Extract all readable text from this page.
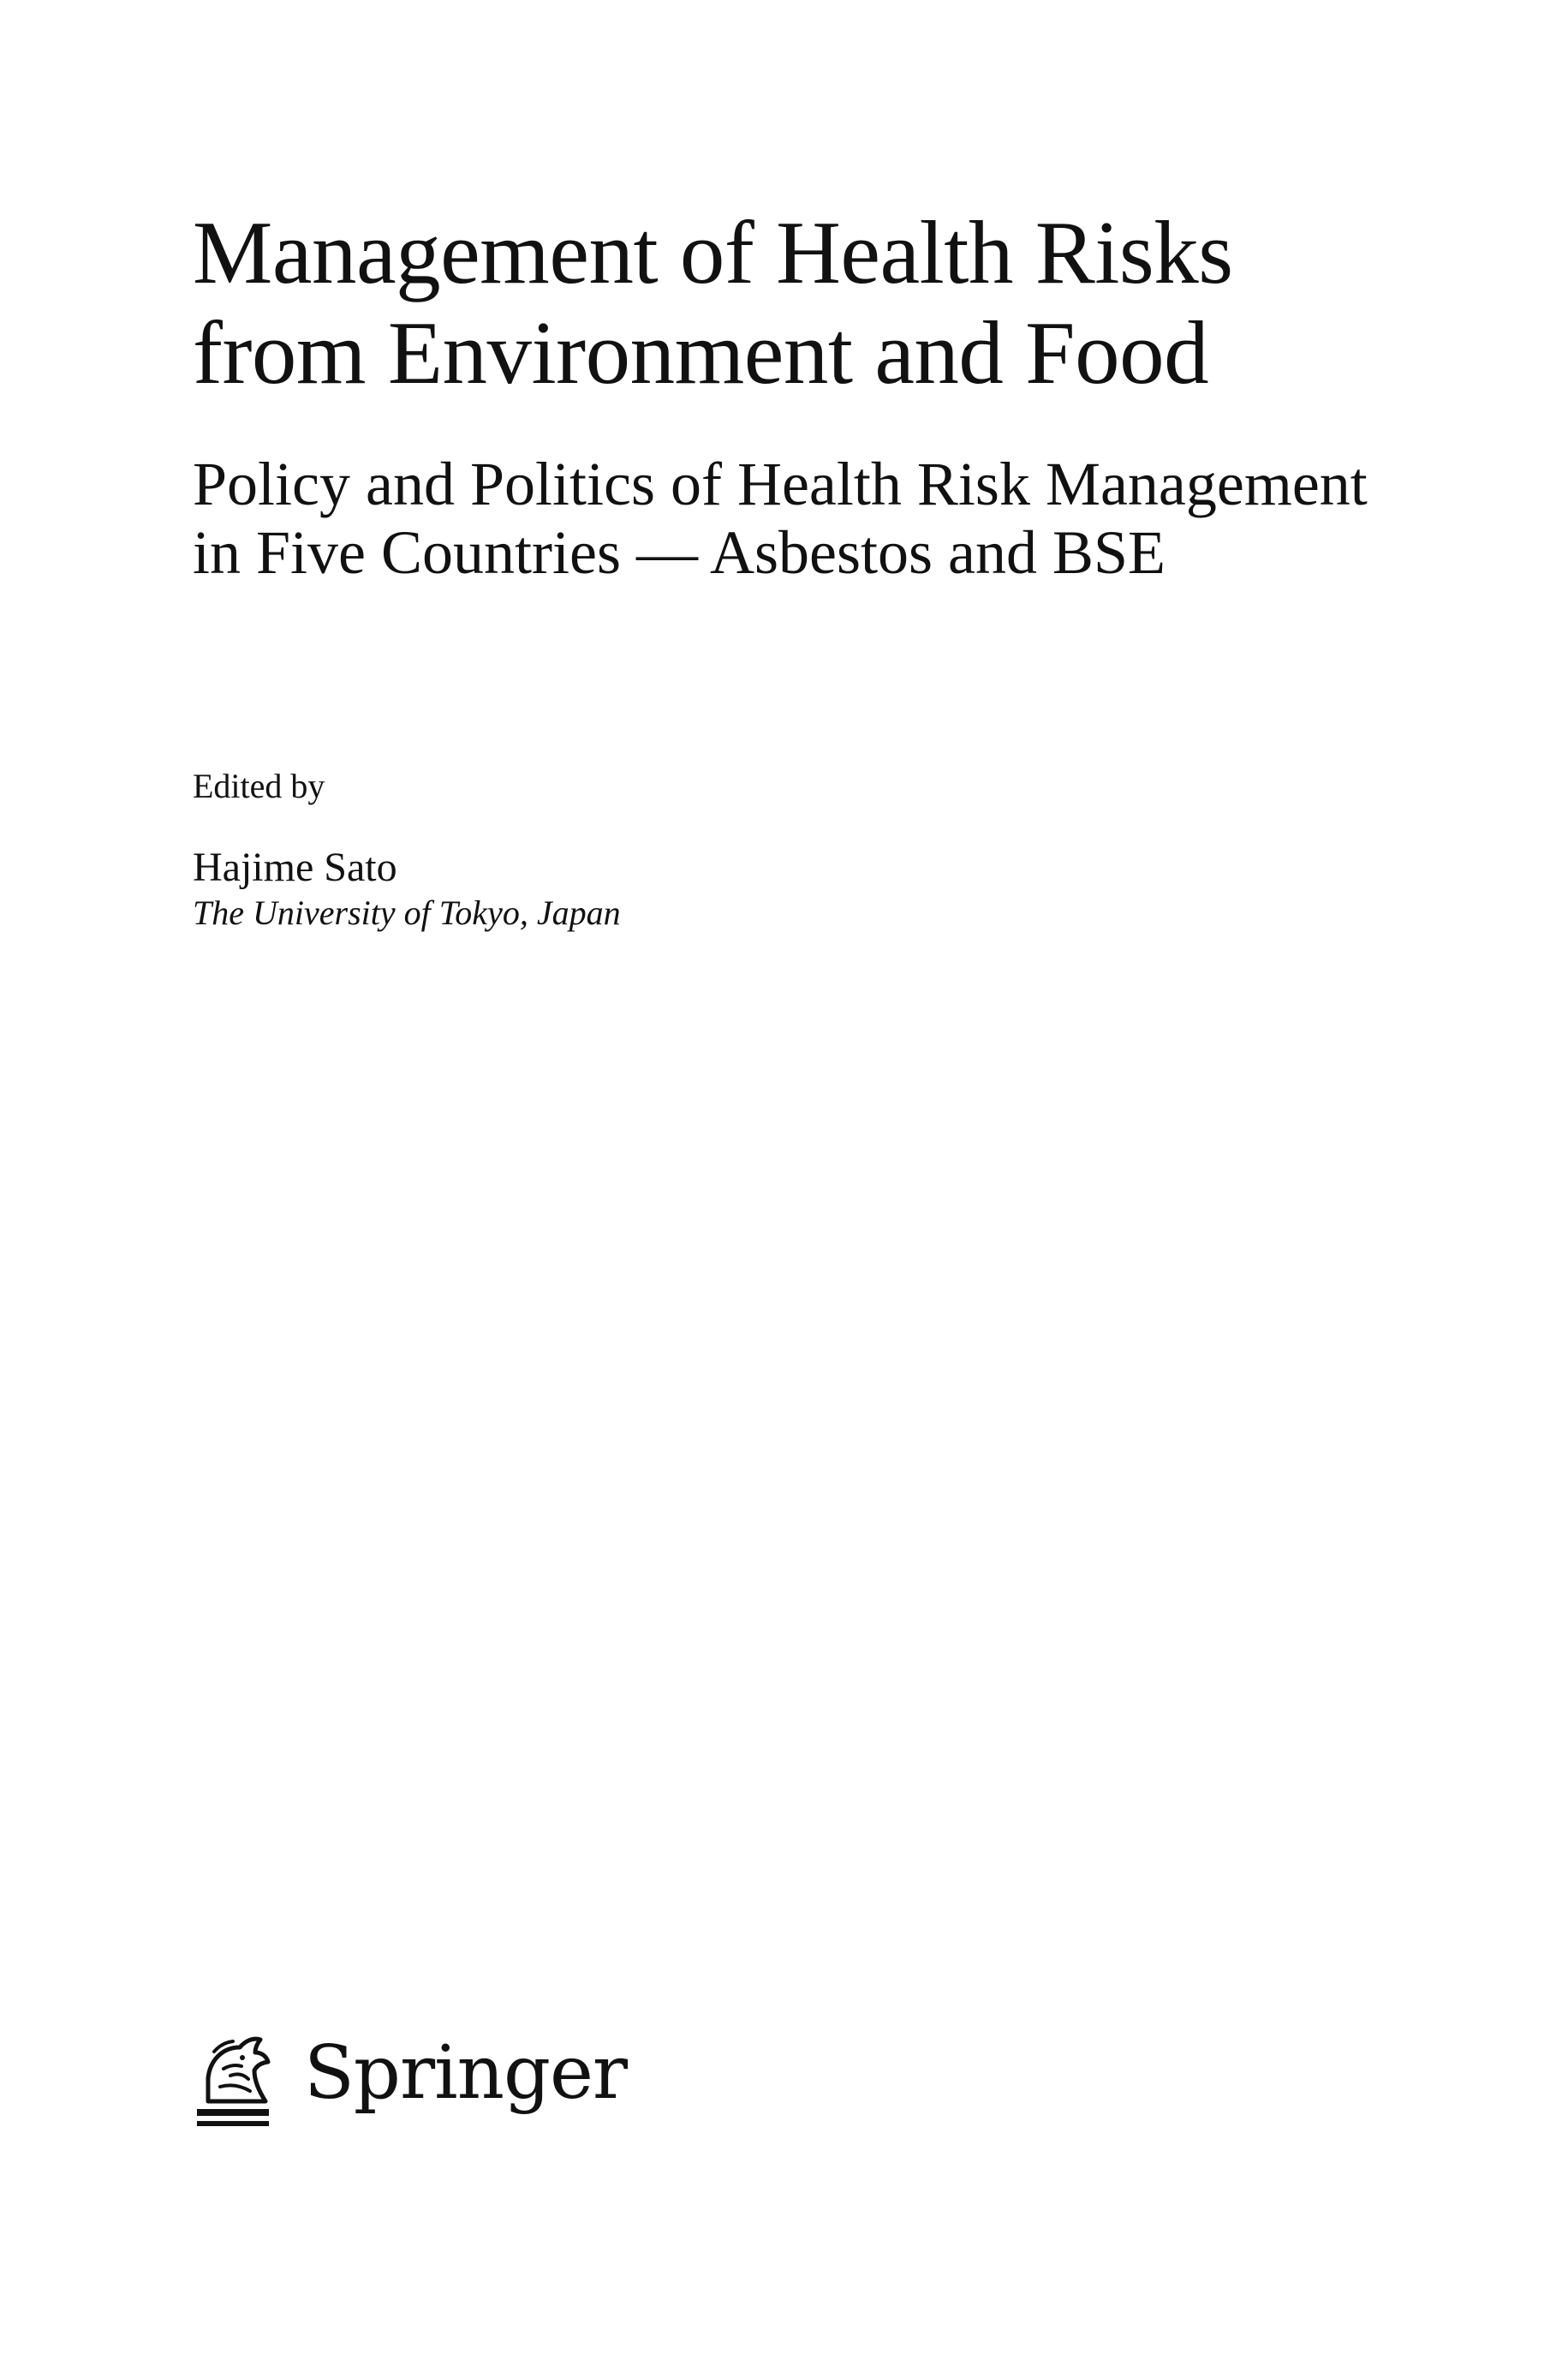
Management of Health Risks
from Environment and Food
Policy and Politics of Health Risk Management
in Five Countries — Asbestos and BSE
Edited by
Hajime Sato
The University of Tokyo, Japan
Springer
